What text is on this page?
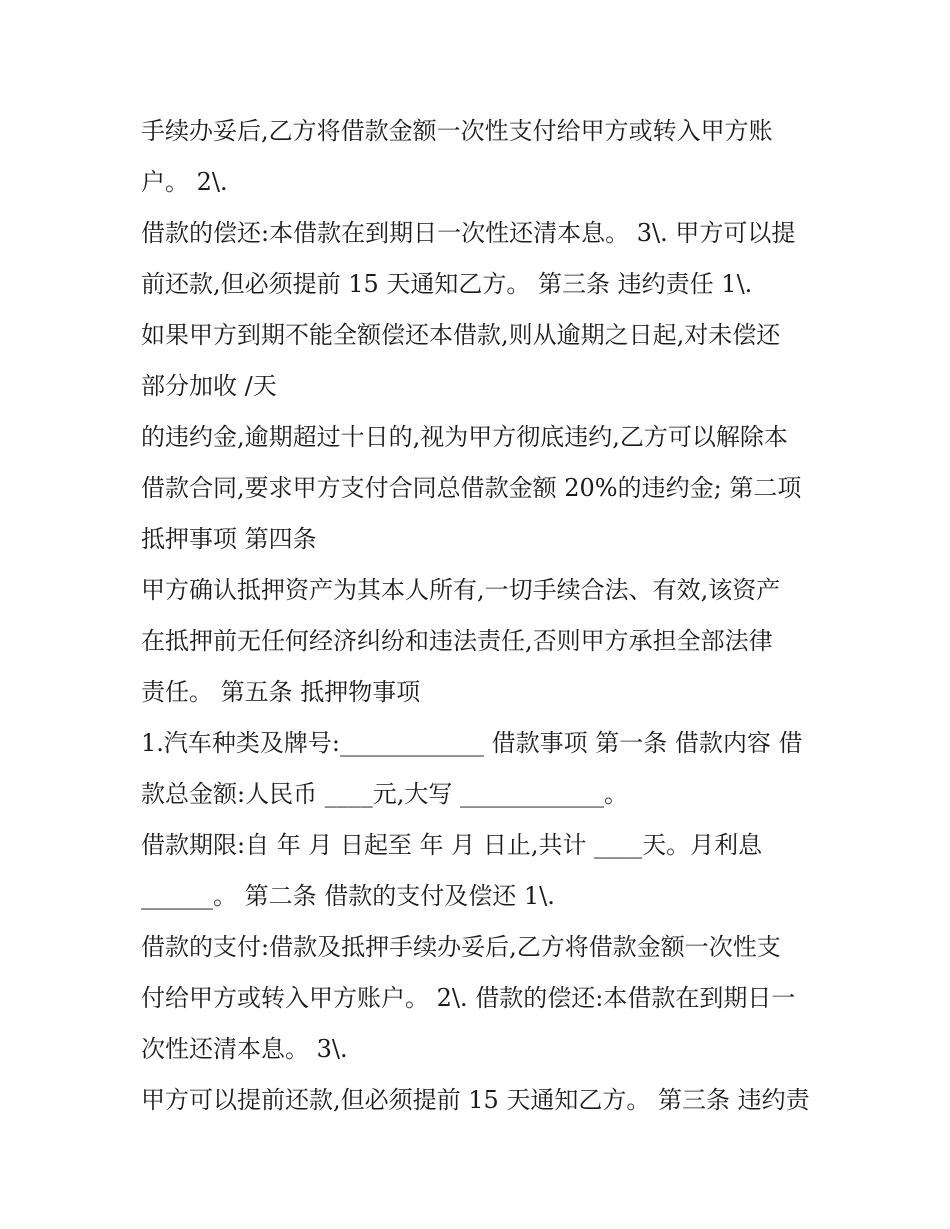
手续办妥后,乙方将借款金额一次性支付给甲方或转入甲方账
户。 2\.
借款的偿还:本借款在到期日一次性还清本息。 3\. 甲方可以提
前还款,但必须提前 15 天通知乙方。 第三条 违约责任 1\.
如果甲方到期不能全额偿还本借款,则从逾期之日起,对未偿还
部分加收 /天
的违约金,逾期超过十日的,视为甲方彻底违约,乙方可以解除本
借款合同,要求甲方支付合同总借款金额 20%的违约金; 第二项
抵押事项 第四条
甲方确认抵押资产为其本人所有,一切手续合法、有效,该资产
在抵押前无任何经济纠纷和违法责任,否则甲方承担全部法律
责任。 第五条 抵押物事项
1.汽车种类及牌号:____________ 借款事项 第一条 借款内容 借
款总金额:人民币 ____元,大写 ____________。
借款期限:自 年 月 日起至 年 月 日止,共计 ____天。月利息
______。 第二条 借款的支付及偿还 1\.
借款的支付:借款及抵押手续办妥后,乙方将借款金额一次性支
付给甲方或转入甲方账户。 2\. 借款的偿还:本借款在到期日一
次性还清本息。 3\.
甲方可以提前还款,但必须提前 15 天通知乙方。 第三条 违约责
